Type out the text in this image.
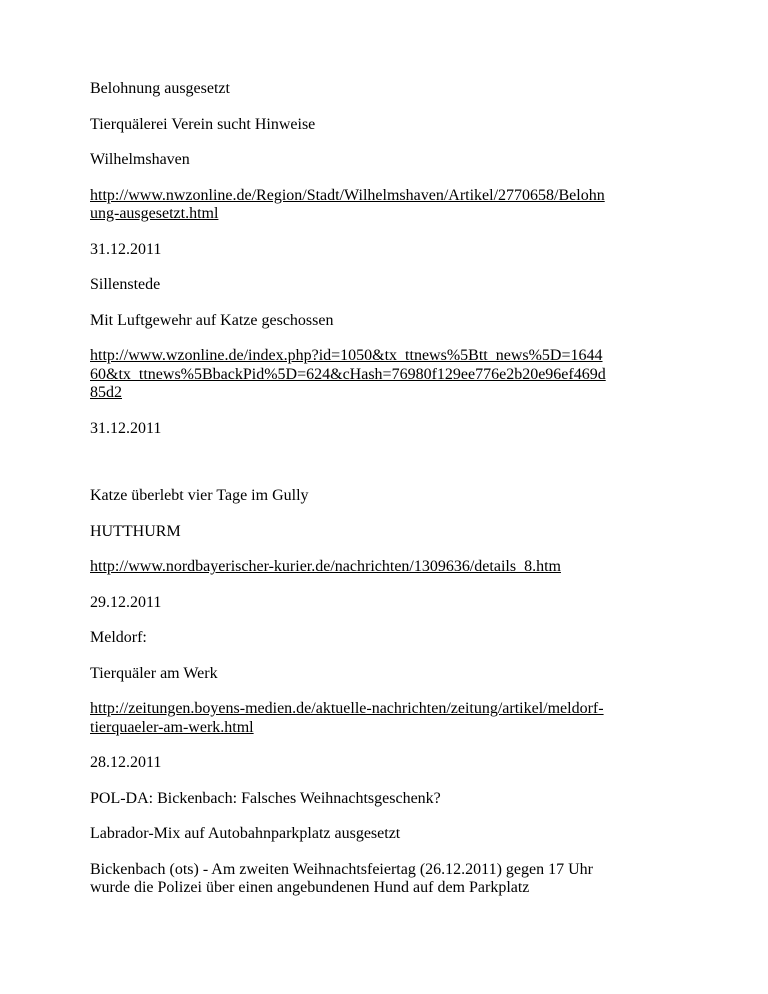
Belohnung ausgesetzt

Tierquälerei Verein sucht Hinweise

Wilhelmshaven

http://www.nwzonline.de/Region/Stadt/Wilhelmshaven/Artikel/2770658/Belohn
ung-ausgesetzt.html

31.12.2011

Sillenstede

Mit Luftgewehr auf Katze geschossen

http://www.wzonline.de/index.php?id=1050&tx_ttnews%5Btt_news%5D=1644
60&tx_ttnews%5BbackPid%5D=624&cHash=76980f129ee776e2b20e96ef469d
85d2

31.12.2011

Katze überlebt vier Tage im Gully

HUTTHURM

http://www.nordbayerischer-kurier.de/nachrichten/1309636/details_8.htm

29.12.2011

Meldorf:

Tierquäler am Werk

http://zeitungen.boyens-medien.de/aktuelle-nachrichten/zeitung/artikel/meldorf-
tierquaeler-am-werk.html

28.12.2011

POL-DA: Bickenbach: Falsches Weihnachtsgeschenk?

Labrador-Mix auf Autobahnparkplatz ausgesetzt

Bickenbach (ots) - Am zweiten Weihnachtsfeiertag (26.12.2011) gegen 17 Uhr
wurde die Polizei über einen angebundenen Hund auf dem Parkplatz
